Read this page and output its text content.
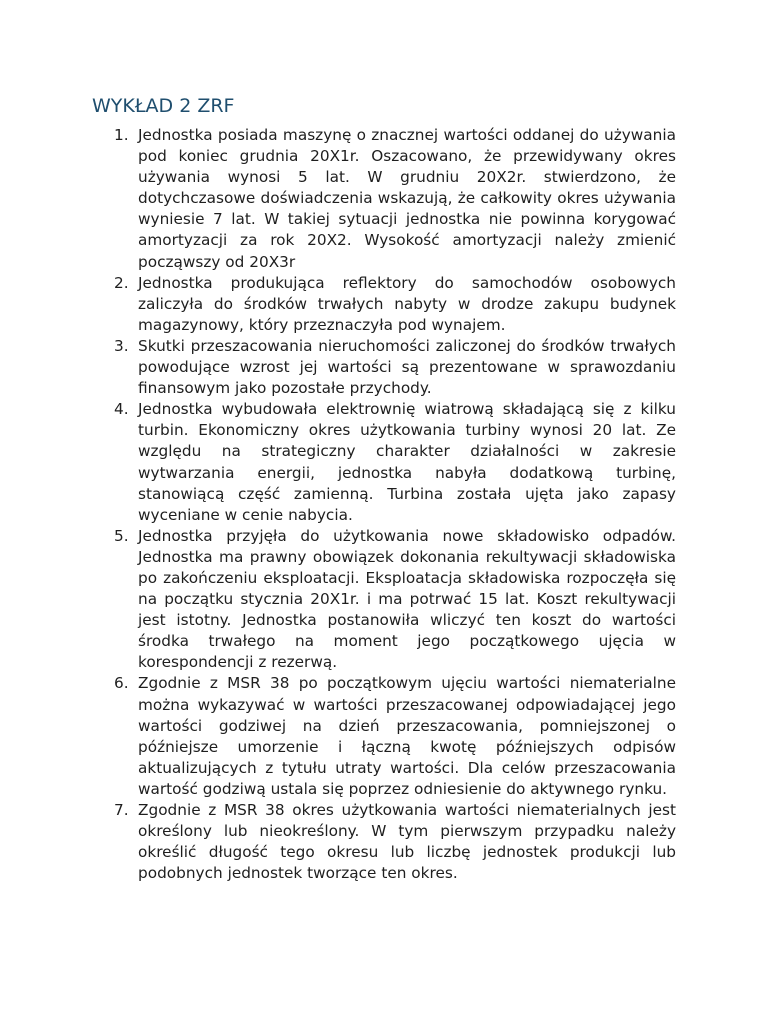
WYKŁAD 2 ZRF
1. Jednostka posiada maszynę o znacznej wartości oddanej do używania pod koniec grudnia 20X1r. Oszacowano, że przewidywany okres używania wynosi 5 lat. W grudniu 20X2r. stwierdzono, że dotychczasowe doświadczenia wskazują, że całkowity okres używania wyniesie 7 lat. W takiej sytuacji jednostka nie powinna korygować amortyzacji za rok 20X2. Wysokość amortyzacji należy zmienić począwszy od 20X3r
2. Jednostka produkująca reflektory do samochodów osobowych zaliczyła do środków trwałych nabyty w drodze zakupu budynek magazynowy, który przeznaczyła pod wynajem.
3. Skutki przeszacowania nieruchomości zaliczonej do środków trwałych powodujące wzrost jej wartości są prezentowane w sprawozdaniu finansowym jako pozostałe przychody.
4. Jednostka wybudowała elektrownię wiatrową składającą się z kilku turbin. Ekonomiczny okres użytkowania turbiny wynosi 20 lat. Ze względu na strategiczny charakter działalności w zakresie wytwarzania energii, jednostka nabyła dodatkową turbinę, stanowiącą część zamienną. Turbina została ujęta jako zapasy wyceniane w cenie nabycia.
5. Jednostka przyjęła do użytkowania nowe składowisko odpadów. Jednostka ma prawny obowiązek dokonania rekultywacji składowiska po zakończeniu eksploatacji. Eksploatacja składowiska rozpoczęła się na początku stycznia 20X1r. i ma potrwać 15 lat. Koszt rekultywacji jest istotny. Jednostka postanowiła wliczyć ten koszt do wartości środka trwałego na moment jego początkowego ujęcia w korespondencji z rezerwą.
6. Zgodnie z MSR 38 po początkowym ujęciu wartości niematerialne można wykazywać w wartości przeszacowanej odpowiadającej jego wartości godziwej na dzień przeszacowania, pomniejszonej o późniejsze umorzenie i łączną kwotę późniejszych odpisów aktualizujących z tytułu utraty wartości. Dla celów przeszacowania wartość godziwą ustala się poprzez odniesienie do aktywnego rynku.
7. Zgodnie z MSR 38 okres użytkowania wartości niematerialnych jest określony lub nieokreślony. W tym pierwszym przypadku należy określić długość tego okresu lub liczbę jednostek produkcji lub podobnych jednostek tworzące ten okres.
